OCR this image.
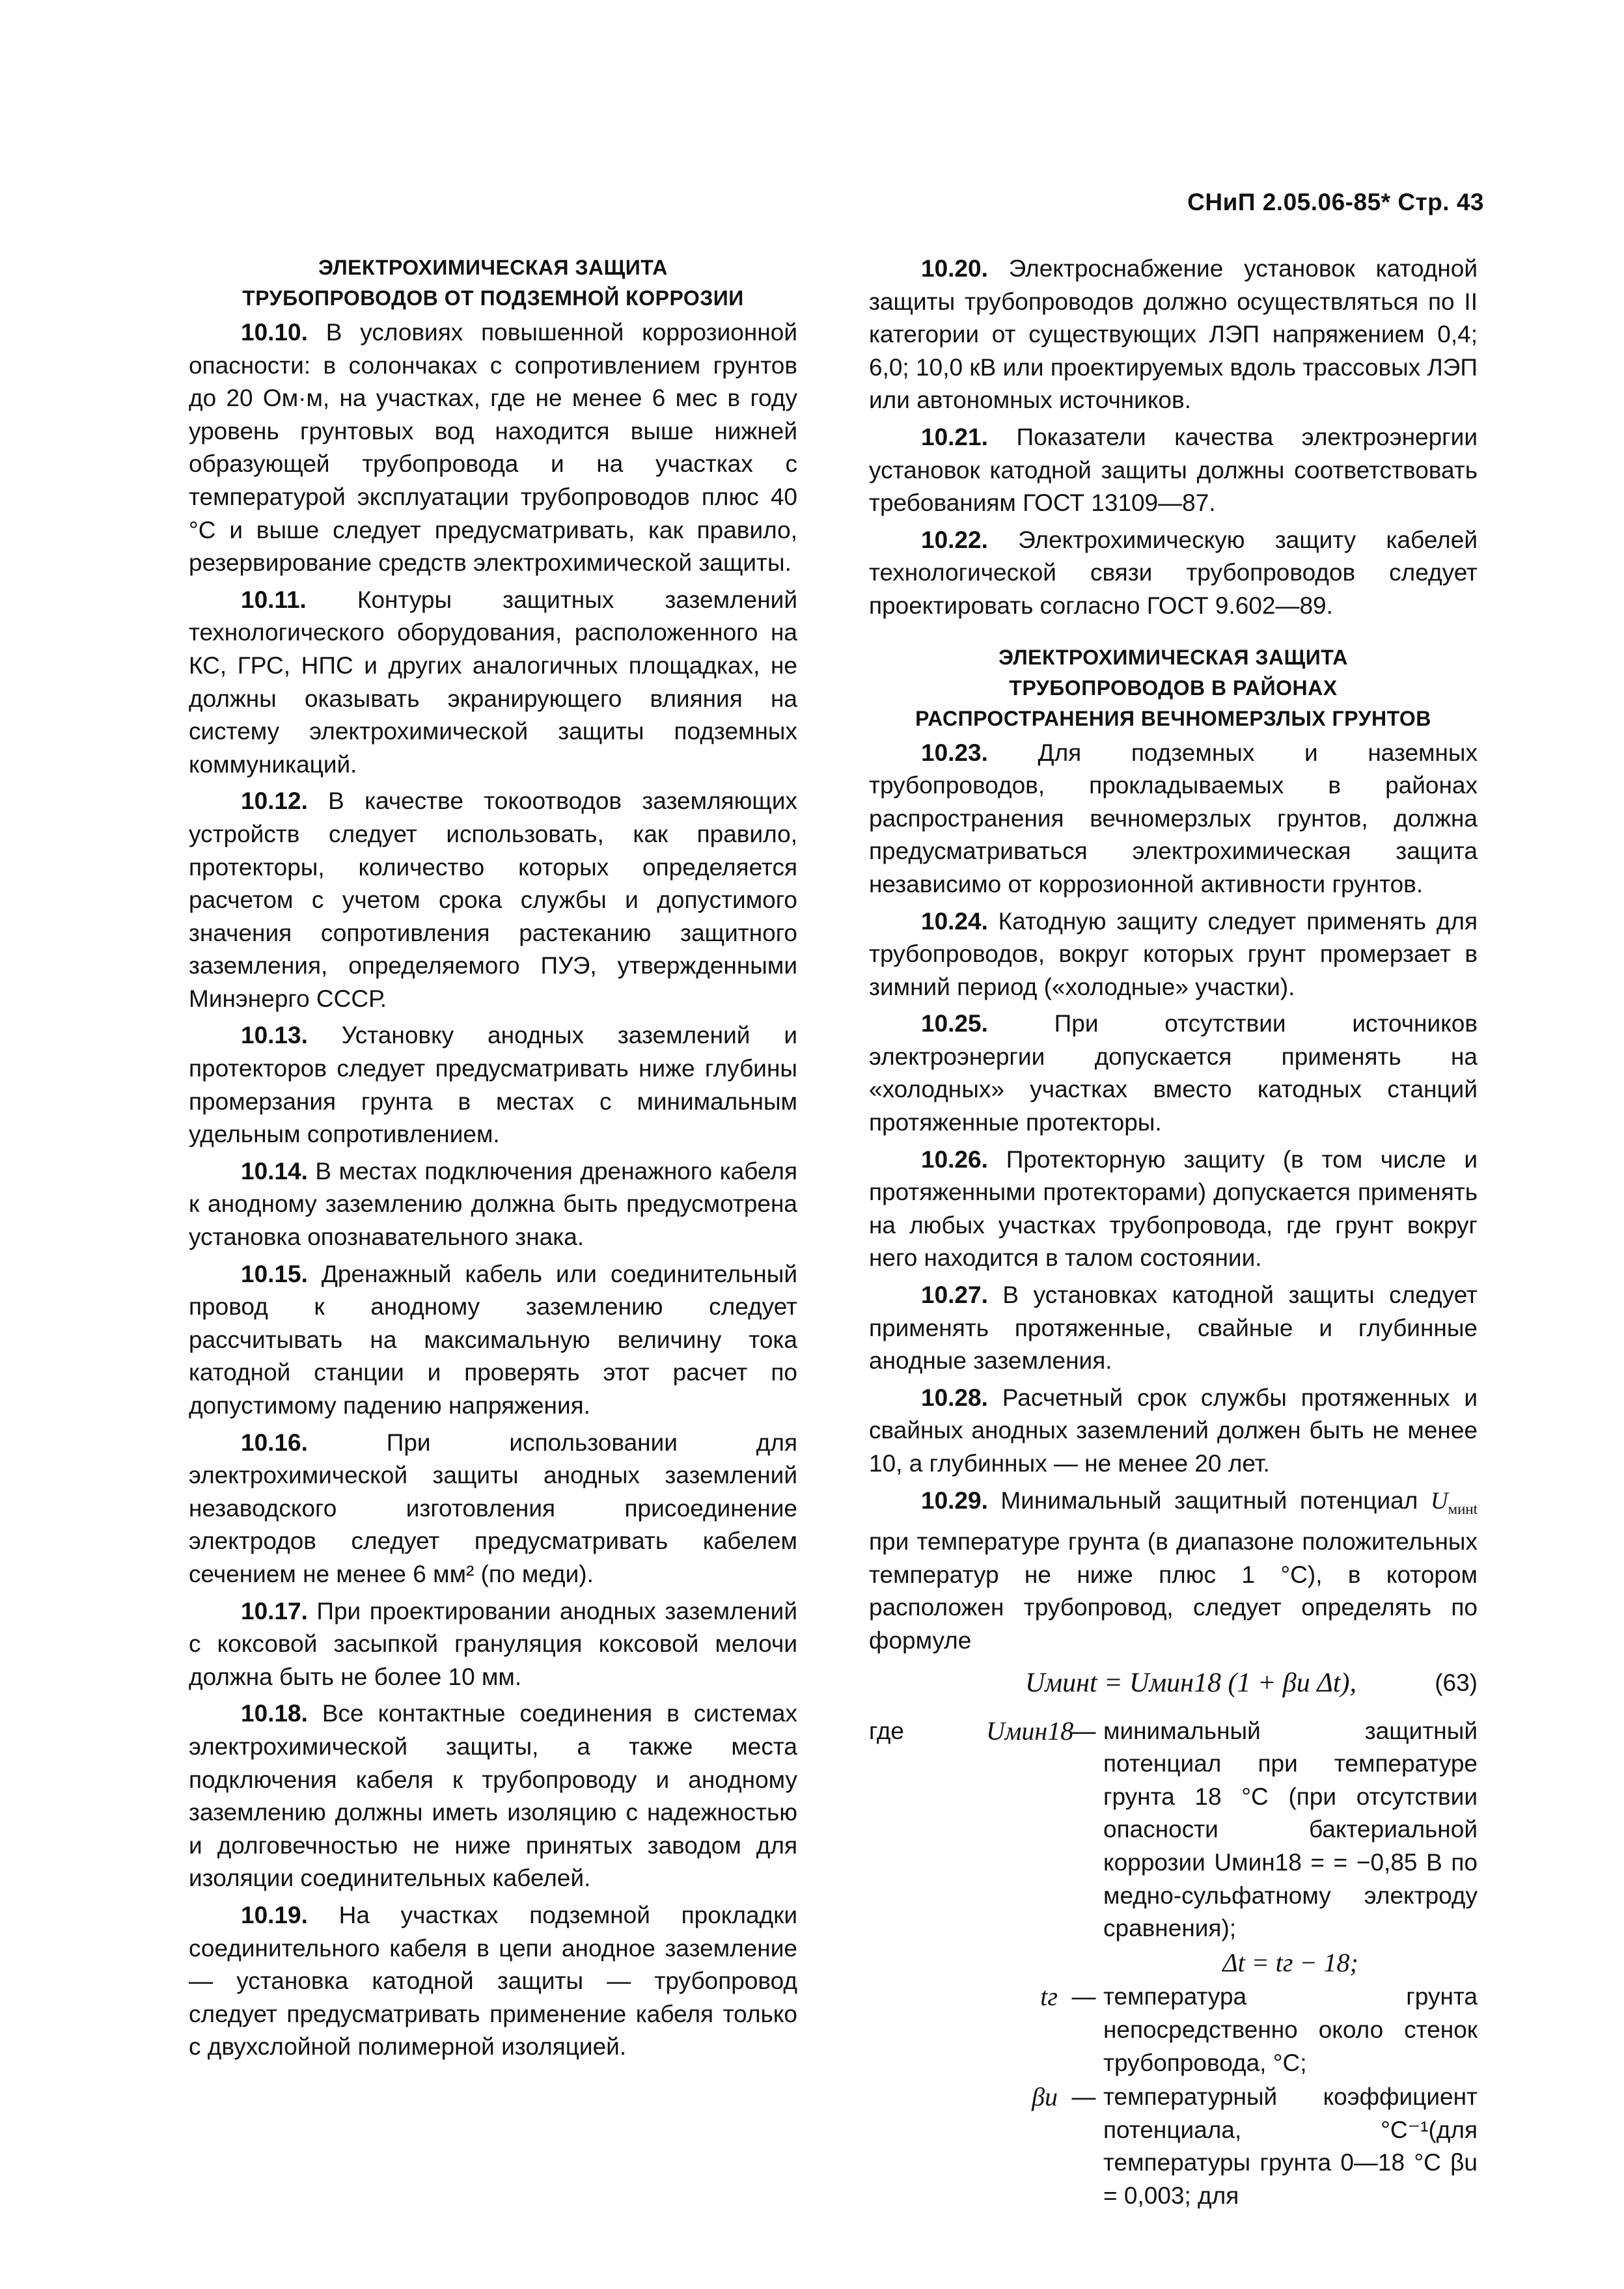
СНиП 2.05.06-85* Стр. 43
ЭЛЕКТРОХИМИЧЕСКАЯ ЗАЩИТА
ТРУБОПРОВОДОВ ОТ ПОДЗЕМНОЙ КОРРОЗИИ

10.10. В условиях повышенной коррозионной опасности: в солончаках с сопротивлением грунтов до 20 Ом·м, на участках, где не менее 6 мес в году уровень грунтовых вод находится выше нижней образующей трубопровода и на участках с температурой эксплуатации трубопроводов плюс 40 °С и выше следует предусматривать, как правило, резервирование средств электрохимической защиты.

10.11. Контуры защитных заземлений технологического оборудования, расположенного на КС, ГРС, НПС и других аналогичных площадках, не должны оказывать экранирующего влияния на систему электрохимической защиты подземных коммуникаций.

10.12. В качестве токоотводов заземляющих устройств следует использовать, как правило, протекторы, количество которых определяется расчетом с учетом срока службы и допустимого значения сопротивления растеканию защитного заземления, определяемого ПУЭ, утвержденными Минэнерго СССР.

10.13. Установку анодных заземлений и протекторов следует предусматривать ниже глубины промерзания грунта в местах с минимальным удельным сопротивлением.

10.14. В местах подключения дренажного кабеля к анодному заземлению должна быть предусмотрена установка опознавательного знака.

10.15. Дренажный кабель или соединительный провод к анодному заземлению следует рассчитывать на максимальную величину тока катодной станции и проверять этот расчет по допустимому падению напряжения.

10.16.	При использовании для электрохимической защиты анодных заземлений незаводского изготовления присоединение электродов следует предусматривать кабелем сечением не менее 6 мм² (по меди).

10.17. При проектировании анодных заземлений с коксовой засыпкой грануляция коксовой мелочи должна быть не более 10 мм.

10.18. Все контактные соединения в системах электрохимической защиты, а также места подключения кабеля к трубопроводу и анодному заземлению должны иметь изоляцию с надежностью и долговечностью не ниже принятых заводом для изоляции соединительных кабелей.

10.19. На участках подземной прокладки соединительного кабеля в цепи анодное заземление — установка катодной защиты — трубопровод следует предусматривать применение кабеля только с двухслойной полимерной изоляцией.

10.20. Электроснабжение установок катодной защиты трубопроводов должно осуществляться по II категории от существующих ЛЭП напряжением 0,4; 6,0; 10,0 кВ или проектируемых вдоль трассовых ЛЭП или автономных источников.

10.21. Показатели качества электроэнергии установок катодной защиты должны соответствовать требованиям ГОСТ 13109—87.

10.22. Электрохимическую защиту кабелей технологической связи трубопроводов следует проектировать согласно ГОСТ 9.602—89.

ЭЛЕКТРОХИМИЧЕСКАЯ ЗАЩИТА
ТРУБОПРОВОДОВ В РАЙОНАХ
РАСПРОСТРАНЕНИЯ ВЕЧНОМЕРЗЛЫХ ГРУНТОВ

10.23. Для подземных и наземных трубопроводов, прокладываемых в районах распространения вечномерзлых грунтов, должна предусматриваться электрохимическая защита независимо от коррозионной активности грунтов.

10.24. Катодную защиту следует применять для трубопроводов, вокруг которых грунт промерзает в зимний период («холодные» участки).

10.25.	При отсутствии источников электроэнергии допускается применять на «холодных» участках вместо катодных станций протяженные протекторы.

10.26. Протекторную защиту (в том числе и протяженными протекторами) допускается применять на любых участках трубопровода, где грунт вокруг него находится в талом состоянии.

10.27. В установках катодной защиты следует применять протяженные, свайные и глубинные анодные заземления.

10.28. Расчетный срок службы протяженных и свайных анодных заземлений должен быть не менее 10, а глубинных — не менее 20 лет.

10.29. Минимальный защитный потенциал $U_{минt}$ при температуре грунта (в диапазоне положительных температур не ниже плюс 1 °С), в котором расположен трубопровод, следует определять по формуле

Uминt = Uмин18 (1 + βu Δt),	(63)
где	Uмин18
— минимальный защитный потенциал при температуре грунта 18 °С (при отсутствии опасности бактериальной коррозии Uмин18 = = −0,85 В по медно-сульфатному электроду сравнения);
Δt = tг − 18;
tг — температура грунта непосредственно около стенок трубопровода, °С;
βu — температурный коэффициент потенциала, °С⁻¹(для температуры грунта 0—18 °С βu = 0,003; для
